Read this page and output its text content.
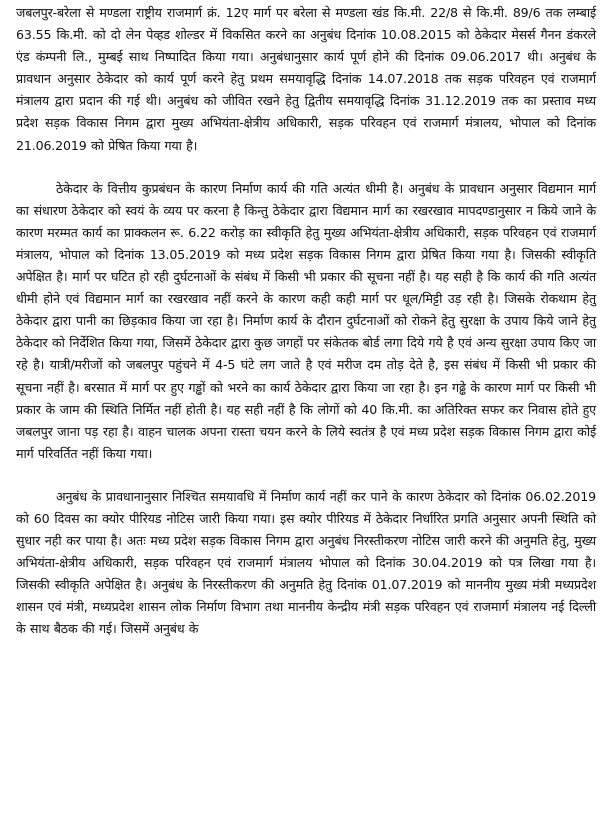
जबलपुर-बरेला से मण्डला राष्ट्रीय राजमार्ग क्रं. 12ए मार्ग पर बरेला से मण्डला खंड कि.मी. 22/8 से कि.मी. 89/6 तक लम्बाई 63.55 कि.मी. को दो लेन पेव्हड शोल्डर में विकसित करने का अनुबंध दिनांक 10.08.2015 को ठेकेदार मेसर्स गैनन डंकरले एंड कंम्पनी लि., मुम्बई साथ निष्पादित किया गया। अनुबंधानुसार कार्य पूर्ण होने की दिनांक 09.06.2017 थी। अनुबंध के प्रावधान अनुसार ठेकेदार को कार्य पूर्ण करने हेतु प्रथम समयावृद्धि दिनांक 14.07.2018 तक सड़क परिवहन एवं राजमार्ग मंत्रालय द्वारा प्रदान की गई थी। अनुबंध को जीवित रखने हेतु द्वितीय समयावृद्धि दिनांक 31.12.2019 तक का प्रस्ताव मध्य प्रदेश सड़क विकास निगम द्वारा मुख्य अभियंता-क्षेत्रीय अधिकारी, सड़क परिवहन एवं राजमार्ग मंत्रालय, भोपाल को दिनांक 21.06.2019 को प्रेषित किया गया है।

ठेकेदार के वित्तीय कुप्रबंधन के कारण निर्माण कार्य की गति अत्यंत धीमी है। अनुबंध के प्रावधान अनुसार विद्यमान मार्ग का संधारण ठेकेदार को स्वयं के व्यय पर करना है किन्तु ठेकेदार द्वारा विद्यमान मार्ग का रखरखाव मापदण्डानुसार न किये जाने के कारण मरम्मत कार्य का प्राक्कलन रू. 6.22 करोड़ का स्वीकृति हेतु मुख्य अभियंता-क्षेत्रीय अधिकारी, सड़क परिवहन एवं राजमार्ग मंत्रालय, भोपाल को दिनांक 13.05.2019 को मध्य प्रदेश सड़क विकास निगम द्वारा प्रेषित किया गया है। जिसकी स्वीकृति अपेक्षित है। मार्ग पर घटित हो रही दुर्घटनाओं के संबंध में किसी भी प्रकार की सूचना नहीं है। यह सही है कि कार्य की गति अत्यंत धीमी होने एवं विद्यमान मार्ग का रखरखाव नहीं करने के कारण कही कही मार्ग पर धूल/मिट्टी उड़ रही है। जिसके रोकथाम हेतु ठेकेदार द्वारा पानी का छिड़काव किया जा रहा है। निर्माण कार्य के दौरान दुर्घटनाओं को रोकने हेतु सुरक्षा के उपाय किये जाने हेतु ठेकेदार को निर्देशित किया गया, जिसमें ठेकेदार द्वारा कुछ जगहों पर संकेतक बोर्ड लगा दिये गये है एवं अन्य सुरक्षा उपाय किए जा रहे है। यात्री/मरीजों को जबलपुर पहुंचने में 4-5 घंटे लग जाते है एवं मरीज दम तोड़ देते है, इस संबंध में किसी भी प्रकार की सूचना नहीं है। बरसात में मार्ग पर हुए गड्ढों को भरने का कार्य ठेकेदार द्वारा किया जा रहा है। इन गढ्ढे के कारण मार्ग पर किसी भी प्रकार के जाम की स्थिति निर्मित नहीं होती है। यह सही नहीं है कि लोगों को 40 कि.मी. का अतिरिक्त सफर कर निवास होते हुए जबलपुर जाना पड़ रहा है। वाहन चालक अपना रास्ता चयन करने के लिये स्वतंत्र है एवं मध्य प्रदेश सड़क विकास निगम द्वारा कोई मार्ग परिवर्तित नहीं किया गया।

अनुबंध के प्रावधानानुसार निश्चित समयावधि में निर्माण कार्य नहीं कर पाने के कारण ठेकेदार को दिनांक 06.02.2019 को 60 दिवस का क्योर पीरियड नोटिस जारी किया गया। इस क्योर पीरियड में ठेकेदार निर्धारित प्रगति अनुसार अपनी स्थिति को सुधार नही कर पाया है। अतः मध्य प्रदेश सड़क विकास निगम द्वारा अनुबंध निरस्तीकरण नोटिस जारी करने की अनुमति हेतु, मुख्य अभियंता-क्षेत्रीय अधिकारी, सड़क परिवहन एवं राजमार्ग मंत्रालय भोपाल को दिनांक 30.04.2019 को पत्र लिखा गया है। जिसकी स्वीकृति अपेक्षित है। अनुबंध के निरस्तीकरण की अनुमति हेतु दिनांक 01.07.2019 को माननीय मुख्य मंत्री मध्यप्रदेश शासन एवं मंत्री, मध्यप्रदेश शासन लोक निर्माण विभाग तथा माननीय केन्द्रीय मंत्री सड़क परिवहन एवं राजमार्ग मंत्रालय नई दिल्ली के साथ बैठक की गई। जिसमें अनुबंध के
